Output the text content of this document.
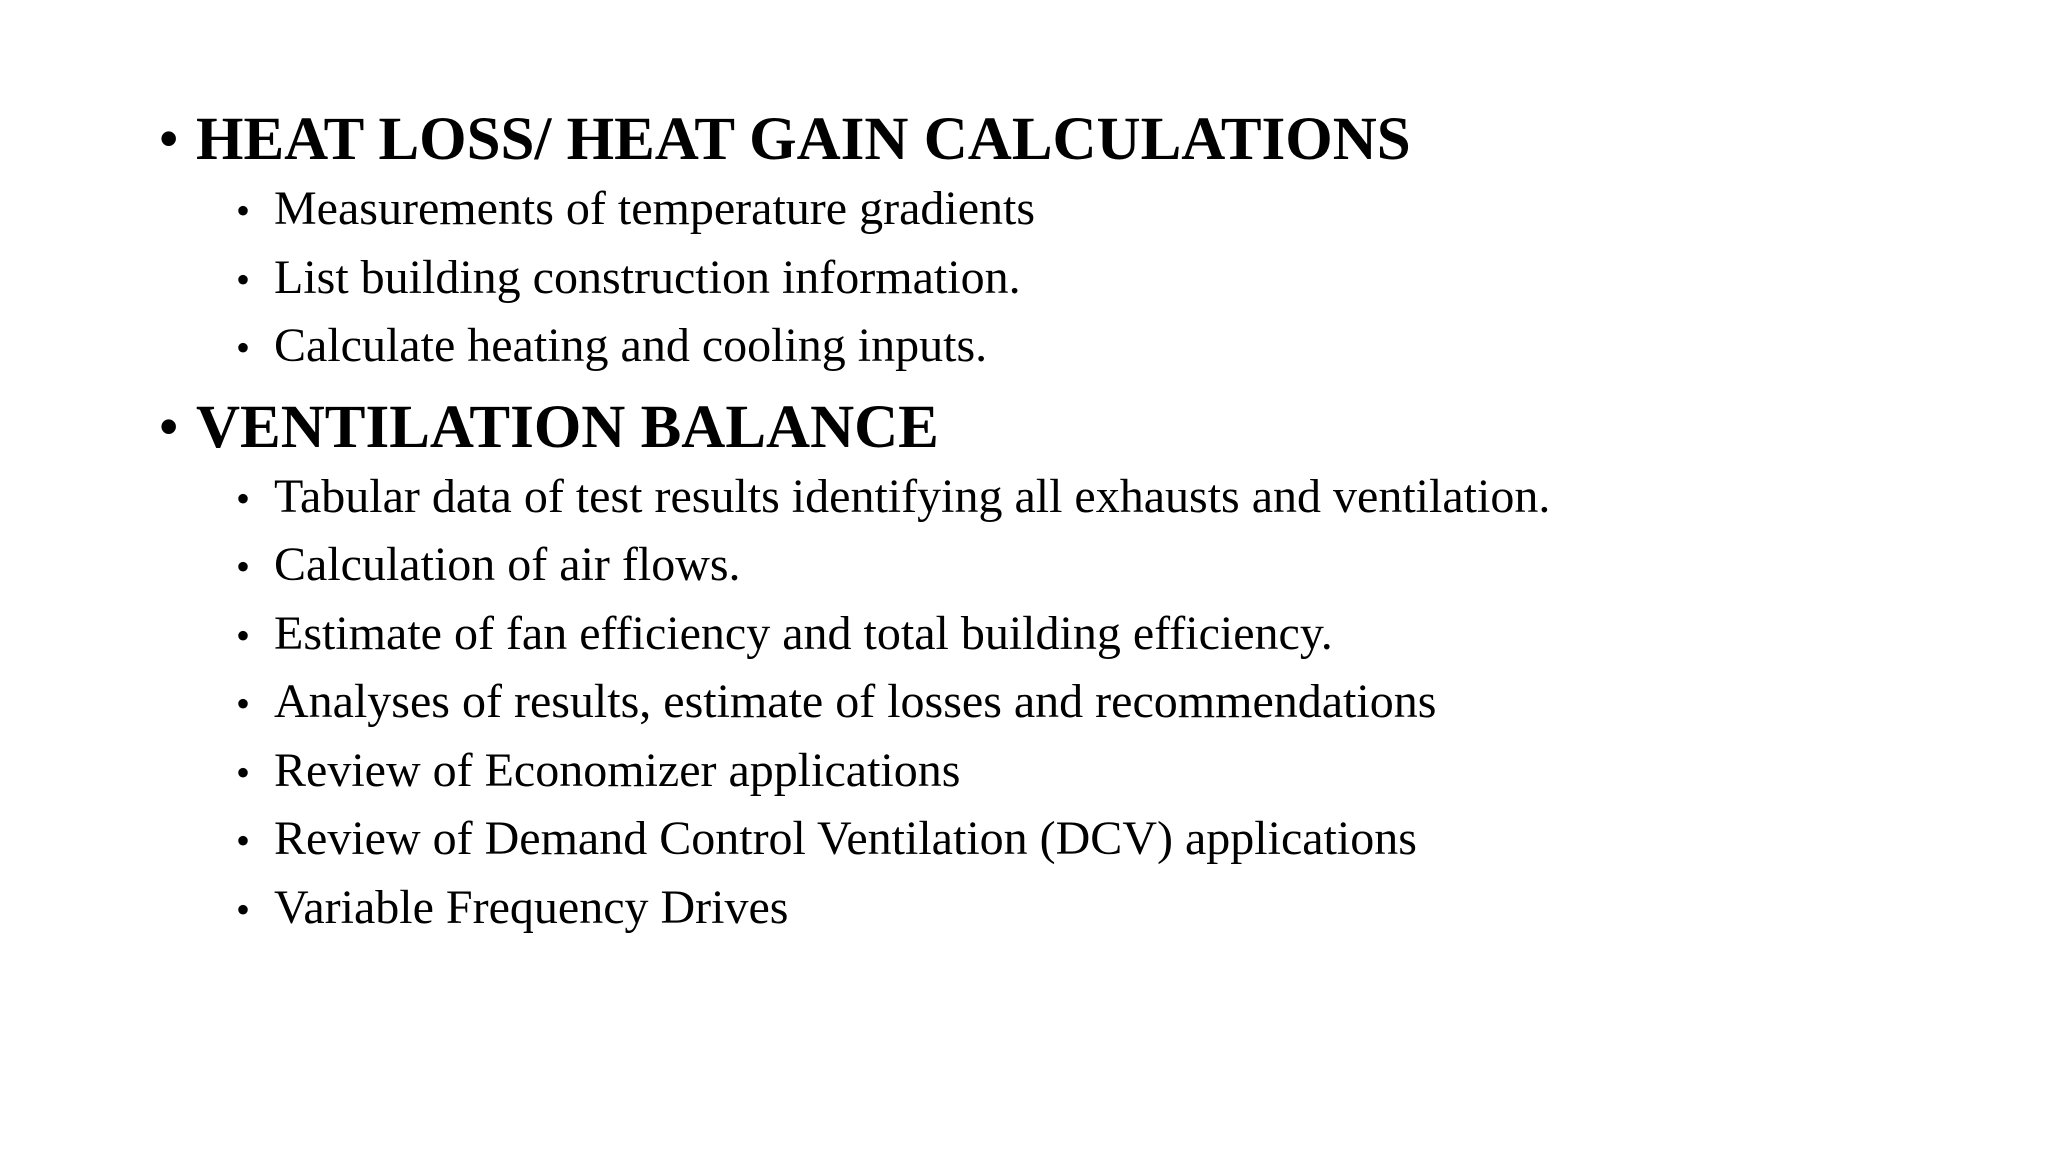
• HEAT LOSS/ HEAT GAIN CALCULATIONS
• Measurements of temperature gradients
• List building construction information.
• Calculate heating and cooling inputs.
• VENTILATION BALANCE
• Tabular data of test results identifying all exhausts and ventilation.
• Calculation of air flows.
• Estimate of fan efficiency and total building efficiency.
• Analyses of results, estimate of losses and recommendations
• Review of Economizer applications
• Review of Demand Control Ventilation (DCV) applications
• Variable Frequency Drives
